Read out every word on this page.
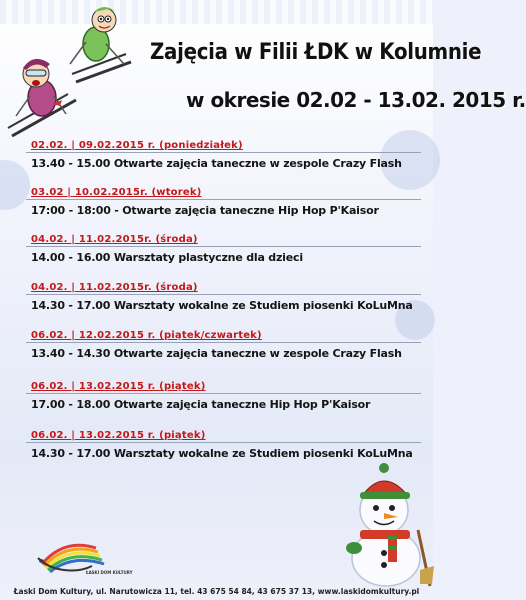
Zajęcia w Filii ŁDK w Kolumnie
w okresie 02.02 - 13.02. 2015 r.
02.02. | 09.02.2015 r. (poniedziałek)
13.40 - 15.00 Otwarte zajęcia taneczne w zespole Crazy Flash
03.02 | 10.02.2015r. (wtorek)
17:00 - 18:00 - Otwarte zajęcia taneczne Hip Hop P'Kaisor
04.02. | 11.02.2015r. (środa)
14.00 - 16.00 Warsztaty plastyczne dla dzieci
04.02. | 11.02.2015r. (środa)
14.30 - 17.00 Warsztaty wokalne ze Studiem piosenki KoLuMna
06.02. | 12.02.2015 r. (piątek/czwartek)
13.40 - 14.30 Otwarte zajęcia taneczne w zespole Crazy Flash
06.02. | 13.02.2015 r. (piątek)
17.00 - 18.00 Otwarte zajęcia taneczne Hip Hop P'Kaisor
06.02. | 13.02.2015 r. (piątek)
14.30 - 17.00 Warsztaty wokalne ze Studiem piosenki KoLuMna
ŁASKI DOM KULTURY
Łaski Dom Kultury, ul. Narutowicza 11, tel. 43 675 54 84, 43 675 37 13, www.laskidomkultury.pl
